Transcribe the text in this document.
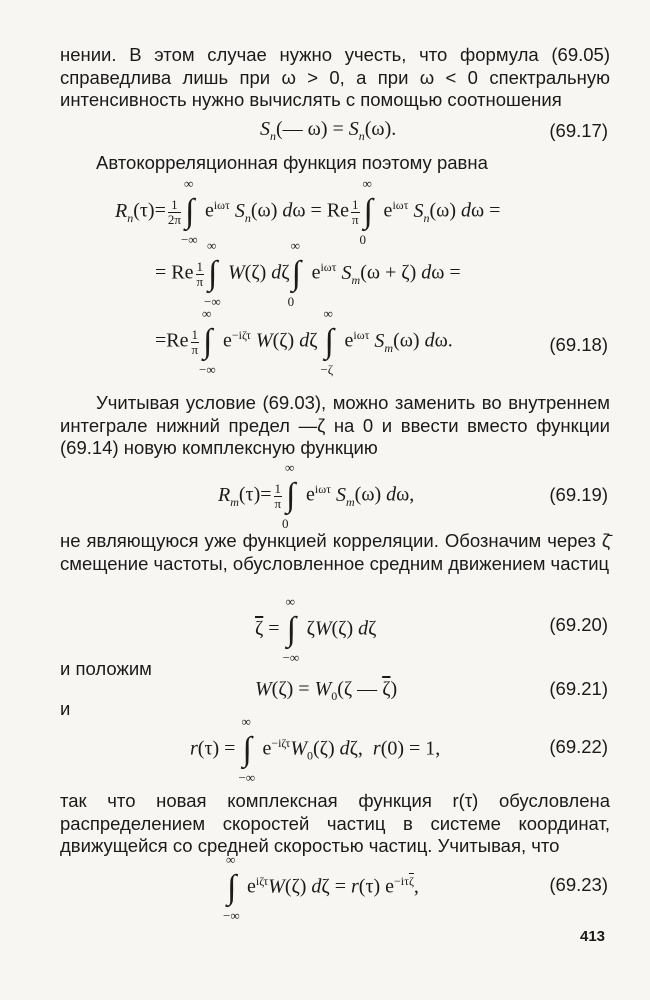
нении. В этом случае нужно учесть, что формула (69.05) справедлива лишь при ω > 0, а при ω < 0 спектральную интенсивность нужно вычислять с помощью соотношения
$S_n(—$ $\omega) = S_n(\omega)$.	(69.17)
Автокорреляционная функция поэтому равна
$R_n(\tau)= \frac{1}{2\pi}$
∞
∫
−∞
$e^{i\omega\tau}$ $S_n(\omega) d\omega = Re \frac{1}{\pi}$
∞
∫
0
$e^{i\omega\tau}$ $S_n(\omega) d\omega$ =
= Re $\frac{1}{\pi}$
∞
∫
−∞
W(ζ) dζ
∞
∫
0
$e^{i\omega\tau}$ $S_m(\omega + \zeta) d\omega$ =
$=Re \frac{1}{\pi}$
∞
∫
−∞
$e^{-i\zeta\tau}$ W(ζ) dζ
∞
∫
−ζ
$e^{i\omega\tau}$ $S_m(\omega)$ dω.	(69.18)
Учитывая условие (69.03), можно заменить во внутреннем интеграле нижний предел —ζ на 0 и ввести вместо функции (69.14) новую комплексную функцию
$R_m(\tau)= \frac{1}{\pi}$
∞
∫
0
$e^{i\omega\tau}$ $S_m(\omega)$ dω,	(69.19)
не являющуюся уже функцией корреляции. Обозначим через ζ̄ смещение частоты, обусловленное средним движением частиц
$\overline{\zeta}$ =
∞
∫
−∞
ζW(ζ) dζ	(69.20)
и положим
$W(\zeta) = W_0(\zeta$ — $\overline{\zeta}$)	(69.21)
и
r(τ) =
∞
∫
−∞
$e^{-i\zeta\tau}W_0(\zeta)$ dζ,  r(0) = 1,	(69.22)
так что новая комплексная функция r(τ) обусловлена распределением скоростей частиц в системе координат, движущейся со средней скоростью частиц. Учитывая, что
∞
∫
−∞
$e^{i\zeta\tau}W(\zeta) d\zeta = r(\tau)$ $e^{-i\tau\overline{\zeta}}$,	(69.23)
413
